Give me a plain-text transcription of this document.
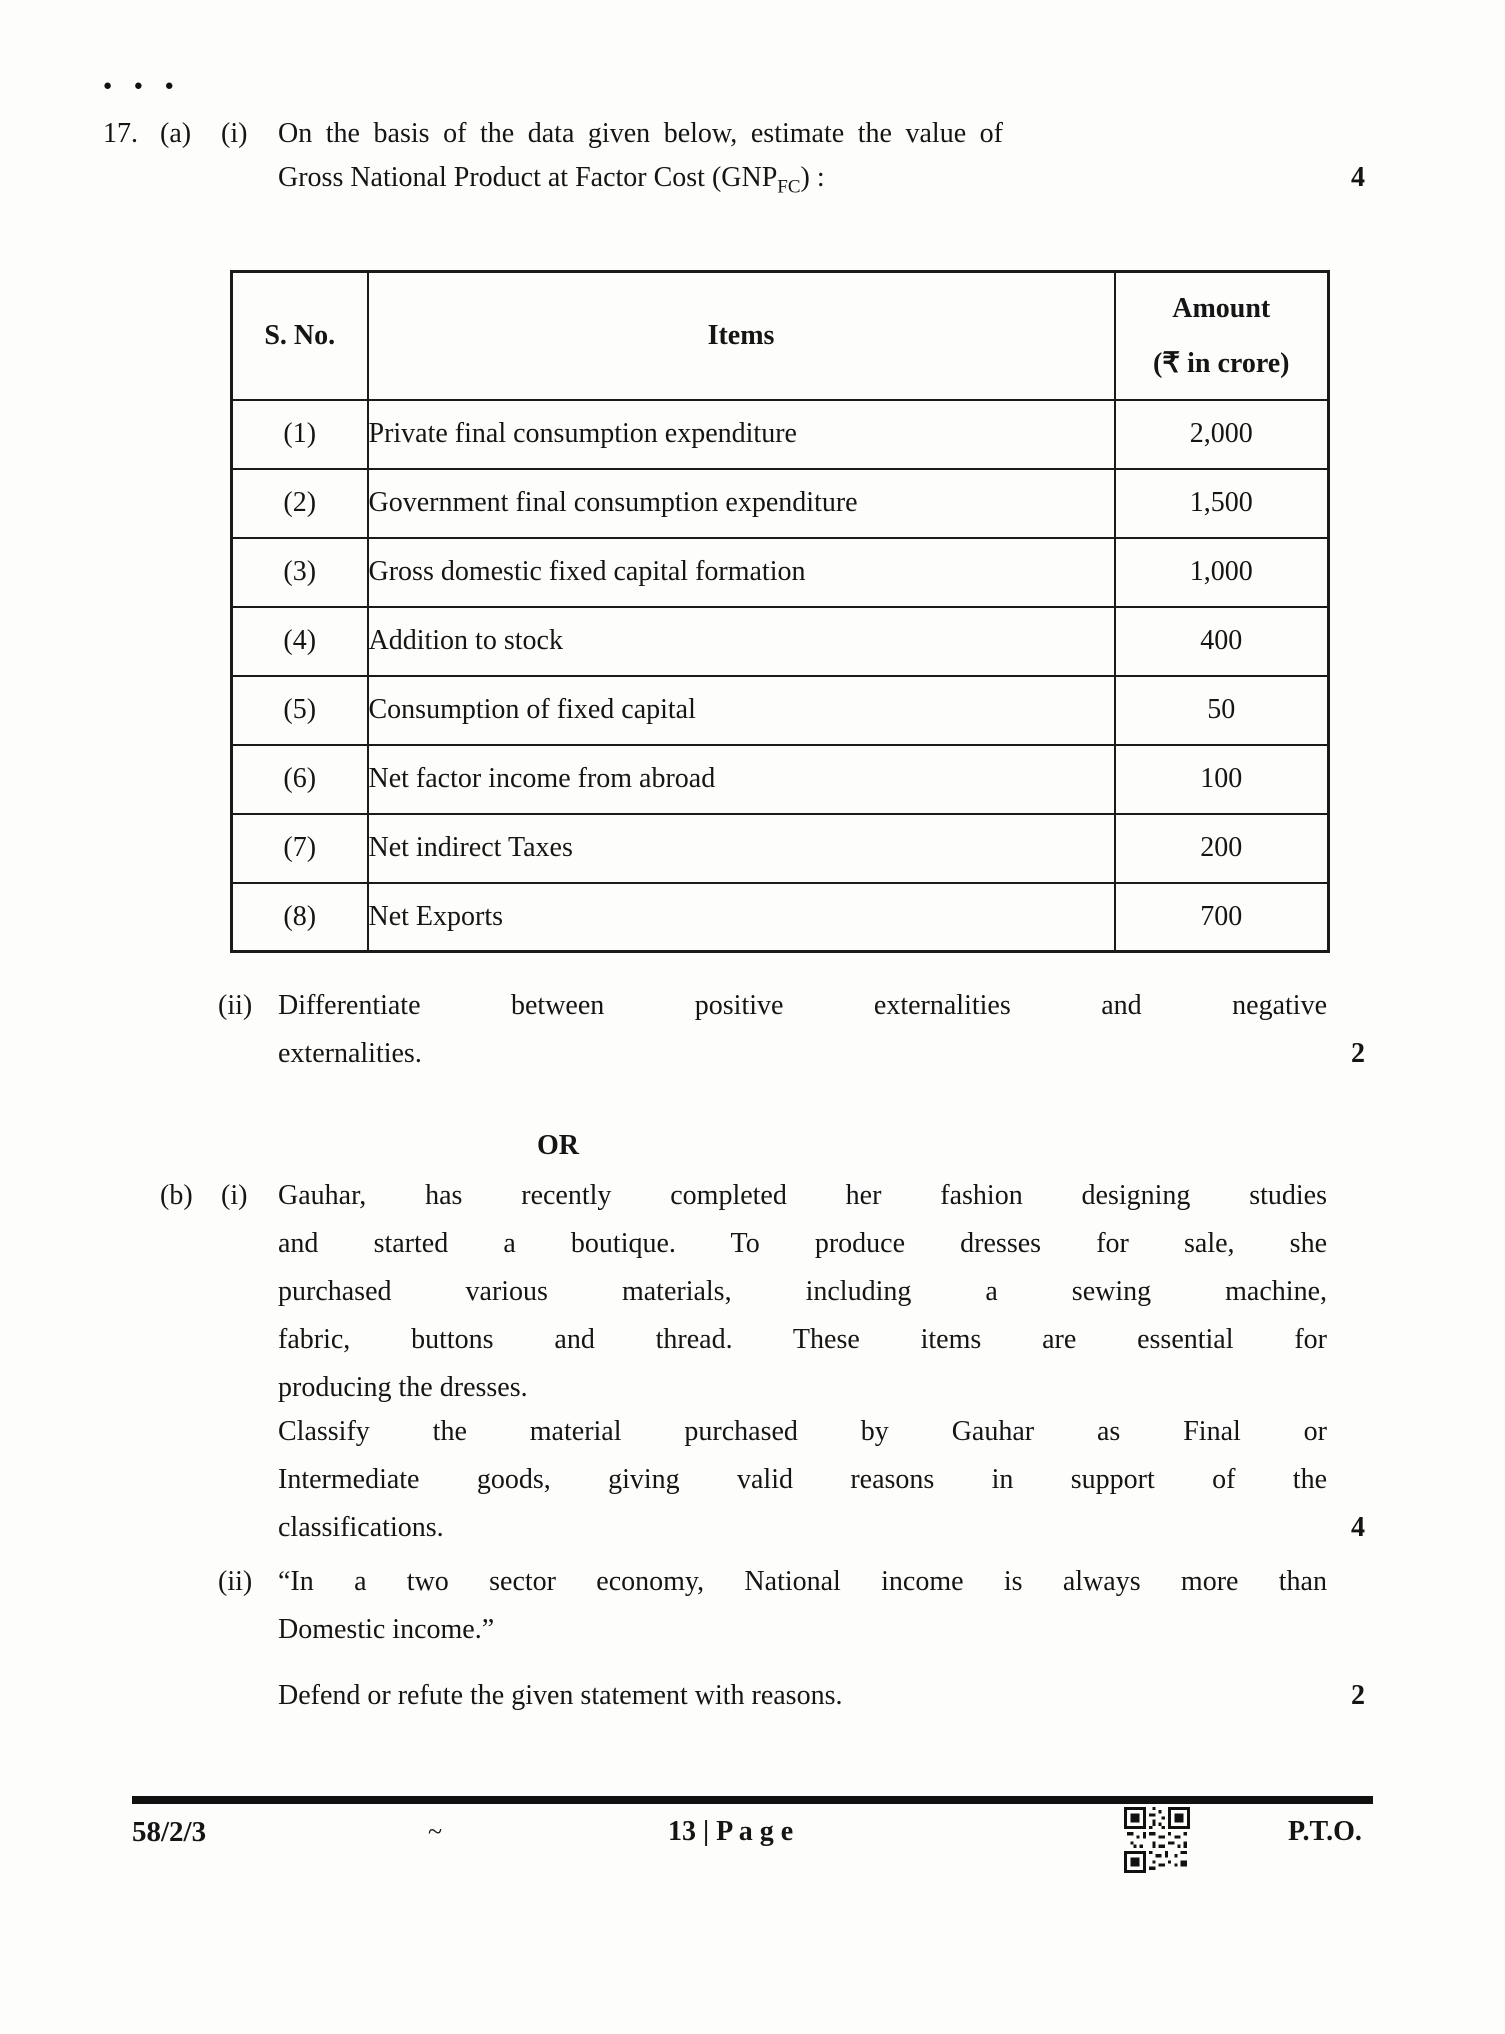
● ● ●
17. (a) (i) On the basis of the data given below, estimate the value of
Gross National Product at Factor Cost $(GNP_{FC})$ :	4
S. No.	Items	Amount
(₹ in crore)

(1)	Private final consumption expenditure	2,000
(2)	Government final consumption expenditure	1,500
(3)	Gross domestic fixed capital formation	1,000
(4)	Addition to stock	400
(5)	Consumption of fixed capital	50
(6)	Net factor income from abroad	100
(7)	Net indirect Taxes	200
(8)	Net Exports	700
(ii) Differentiate between positive externalities and negative
externalities.	2
OR
(b) (i) Gauhar, has recently completed her fashion designing studies
and started a boutique. To produce dresses for sale, she
purchased various materials, including a sewing machine,
fabric, buttons and thread. These items are essential for
producing the dresses.
Classify the material purchased by Gauhar as Final or
Intermediate goods, giving valid reasons in support of the
classifications.	4
(ii) “In a two sector economy, National income is always more than
Domestic income.”
Defend or refute the given statement with reasons.	2
58/2/3	~	13 | P a g e	P.T.O.
